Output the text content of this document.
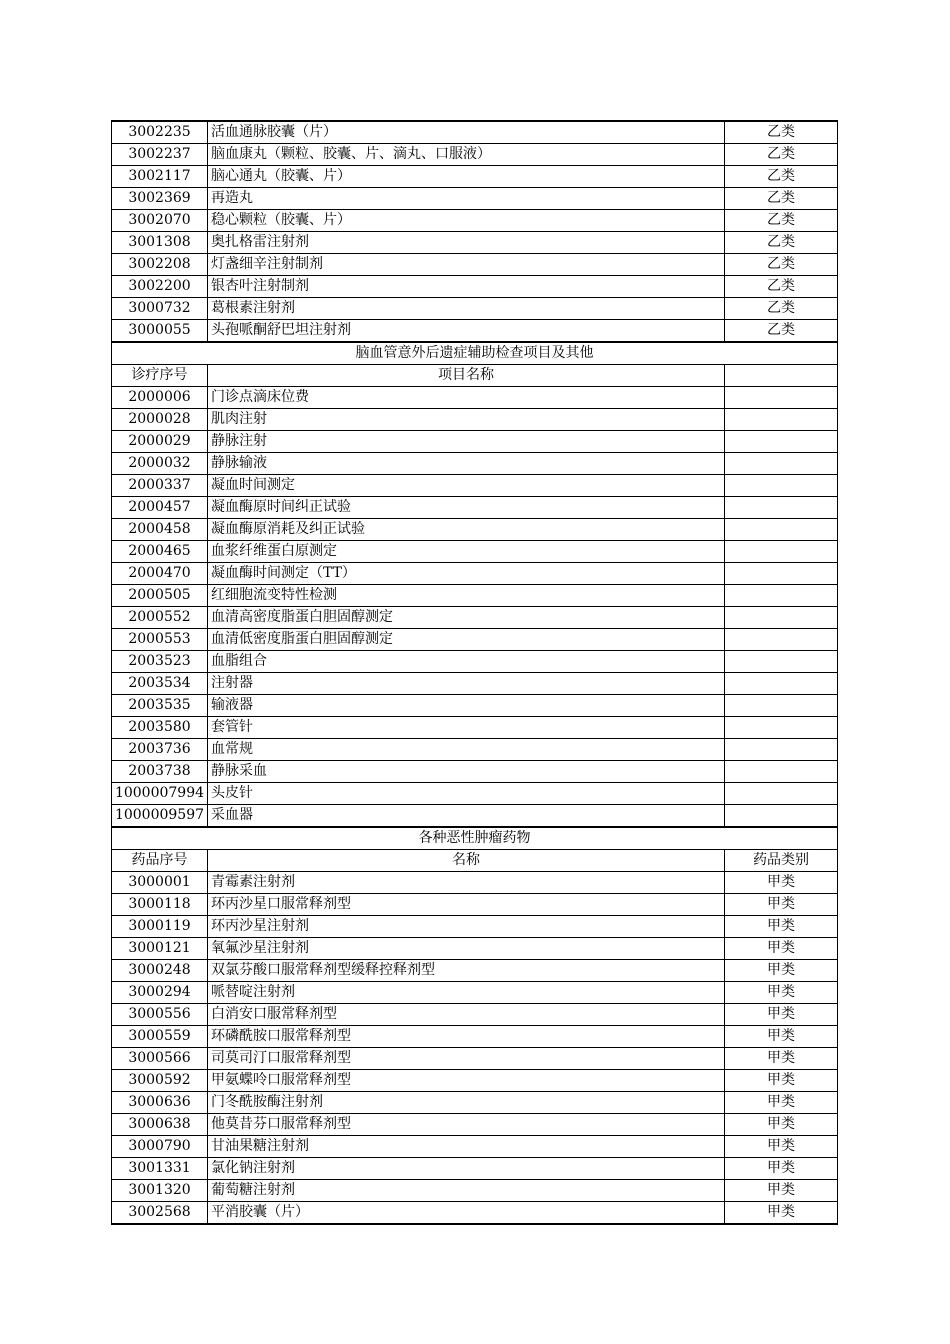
3002235	活血通脉胶囊（片）	乙类
3002237	脑血康丸（颗粒、胶囊、片、滴丸、口服液）	乙类
3002117	脑心通丸（胶囊、片）	乙类
3002369	再造丸	乙类
3002070	稳心颗粒（胶囊、片）	乙类
3001308	奥扎格雷注射剂	乙类
3002208	灯盏细辛注射制剂	乙类
3002200	银杏叶注射制剂	乙类
3000732	葛根素注射剂	乙类
3000055	头孢哌酮舒巴坦注射剂	乙类
脑血管意外后遗症辅助检查项目及其他		
诊疗序号	项目名称	
2000006	门诊点滴床位费	
2000028	肌肉注射	
2000029	静脉注射	
2000032	静脉输液	
2000337	凝血时间测定	
2000457	凝血酶原时间纠正试验	
2000458	凝血酶原消耗及纠正试验	
2000465	血浆纤维蛋白原测定	
2000470	凝血酶时间测定（TT）	
2000505	红细胞流变特性检测	
2000552	血清高密度脂蛋白胆固醇测定	
2000553	血清低密度脂蛋白胆固醇测定	
2003523	血脂组合	
2003534	注射器	
2003535	输液器	
2003580	套管针	
2003736	血常规	
2003738	静脉采血	
1000007994	头皮针	
1000009597	采血器	
各种恶性肿瘤药物		
药品序号	名称	药品类别
3000001	青霉素注射剂	甲类
3000118	环丙沙星口服常释剂型	甲类
3000119	环丙沙星注射剂	甲类
3000121	氧氟沙星注射剂	甲类
3000248	双氯芬酸口服常释剂型缓释控释剂型	甲类
3000294	哌替啶注射剂	甲类
3000556	白消安口服常释剂型	甲类
3000559	环磷酰胺口服常释剂型	甲类
3000566	司莫司汀口服常释剂型	甲类
3000592	甲氨蝶呤口服常释剂型	甲类
3000636	门冬酰胺酶注射剂	甲类
3000638	他莫昔芬口服常释剂型	甲类
3000790	甘油果糖注射剂	甲类
3001331	氯化钠注射剂	甲类
3001320	葡萄糖注射剂	甲类
3002568	平消胶囊（片）	甲类
